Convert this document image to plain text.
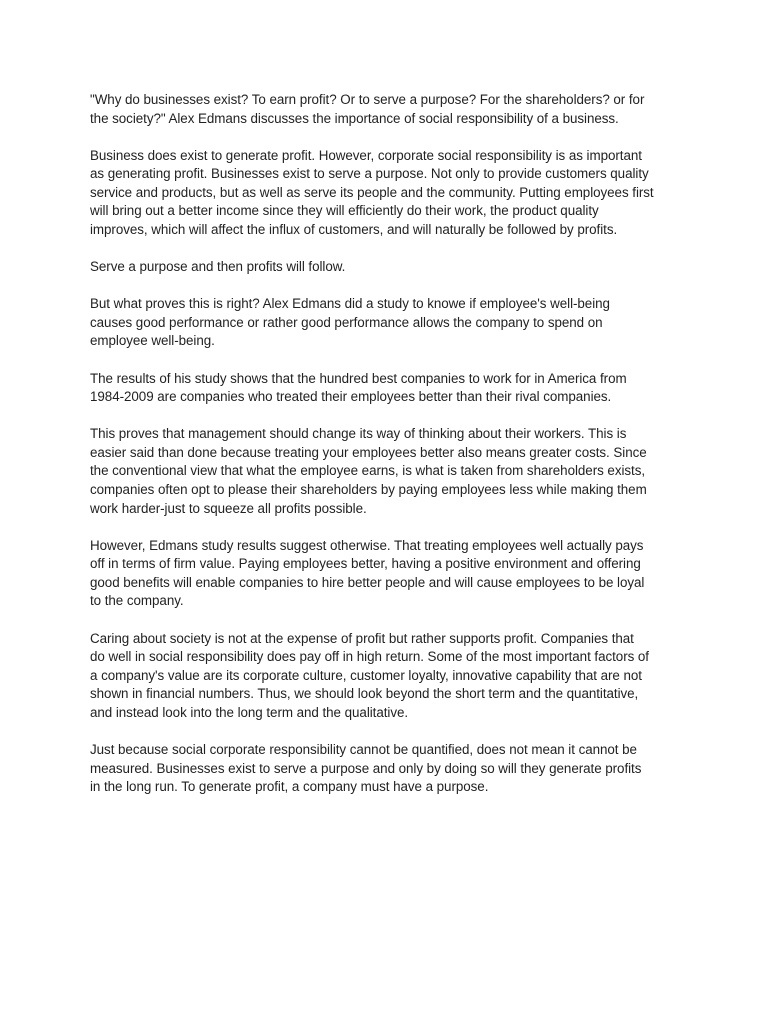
"Why do businesses exist? To earn profit? Or to serve a purpose? For the shareholders? or for
the society?" Alex Edmans discusses the importance of social responsibility of a business.

Business does exist to generate profit. However, corporate social responsibility is as important
as generating profit. Businesses exist to serve a purpose. Not only to provide customers quality
service and products, but as well as serve its people and the community. Putting employees first
will bring out a better income since they will efficiently do their work, the product quality
improves, which will affect the influx of customers, and will naturally be followed by profits.

Serve a purpose and then profits will follow.

But what proves this is right? Alex Edmans did a study to knowe if employee's well-being
causes good performance or rather good performance allows the company to spend on
employee well-being.

The results of his study shows that the hundred best companies to work for in America from
1984-2009 are companies who treated their employees better than their rival companies.

This proves that management should change its way of thinking about their workers. This is
easier said than done because treating your employees better also means greater costs. Since
the conventional view that what the employee earns, is what is taken from shareholders exists,
companies often opt to please their shareholders by paying employees less while making them
work harder-just to squeeze all profits possible.

However, Edmans study results suggest otherwise. That treating employees well actually pays
off in terms of firm value. Paying employees better, having a positive environment and offering
good benefits will enable companies to hire better people and will cause employees to be loyal
to the company.

Caring about society is not at the expense of profit but rather supports profit. Companies that
do well in social responsibility does pay off in high return. Some of the most important factors of
a company's value are its corporate culture, customer loyalty, innovative capability that are not
shown in financial numbers. Thus, we should look beyond the short term and the quantitative,
and instead look into the long term and the qualitative.

Just because social corporate responsibility cannot be quantified, does not mean it cannot be
measured. Businesses exist to serve a purpose and only by doing so will they generate profits
in the long run. To generate profit, a company must have a purpose.
